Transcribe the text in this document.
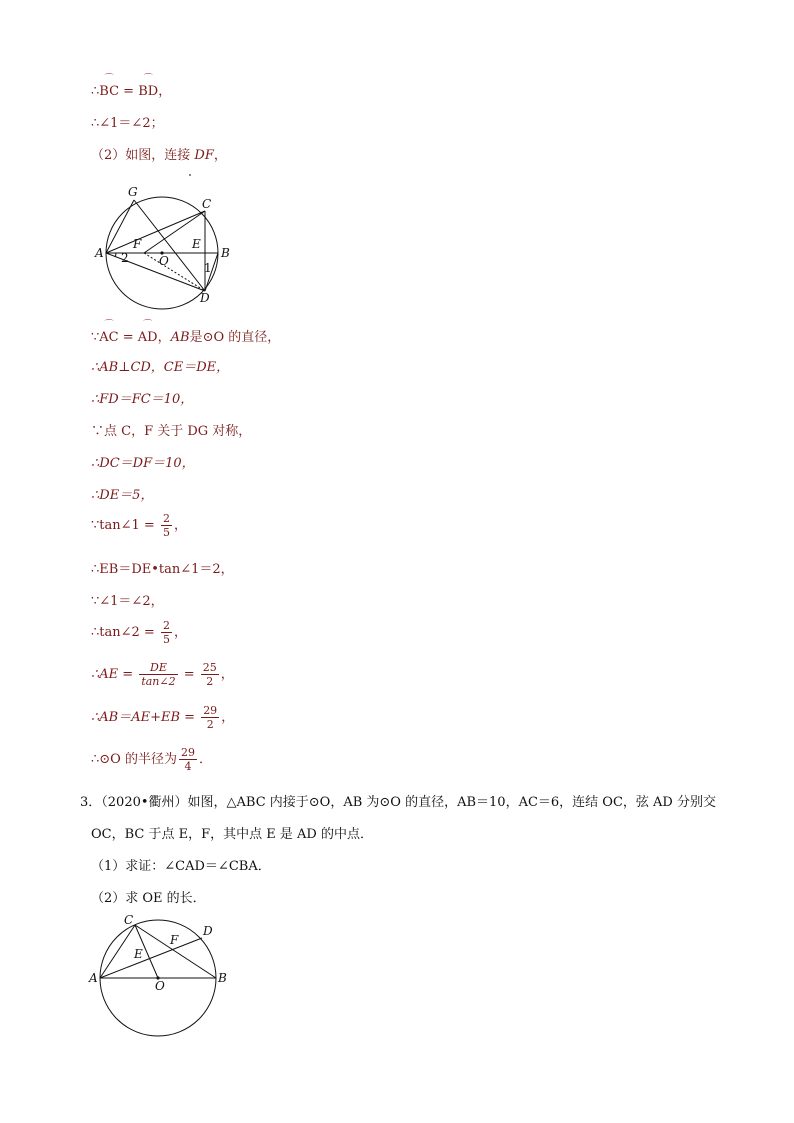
∴⌒ BC = ⌒ BD，
∴∠1＝∠2；
（2）如图，连接 DF，
G
C
A
F	E
B
O
D
1
2
∵⌒ AC = ⌒ AD，AB是⊙O 的直径，
∴AB⊥CD，CE＝DE，
∴FD＝FC＝10，
∵点 C，F 关于 DG 对称，
∴DC＝DF＝10，
∴DE＝5，
∵tan∠1 = $\frac{2}{5}$ ，
∴EB＝DE•tan∠1＝2，
∵∠1＝∠2，
∴tan∠2 = $\frac{2}{5}$ ，
∴AE = $\frac{DE}{\tan\angle 2} = \frac{25}{2}$ ，
∴AB＝AE+EB = $\frac{29}{2}$ ，
∴⊙O 的半径为 $\frac{29}{4}$ ．
3．（2020•衢州）如图，△ABC 内接于⊙O，AB 为⊙O 的直径，AB＝10，AC＝6，连结 OC，弦 AD 分别交
OC，BC 于点 E，F，其中点 E 是 AD 的中点．
（1）求证：∠CAD＝∠CBA．
（2）求 OE 的长．
C
D
F
E
A
O
B
